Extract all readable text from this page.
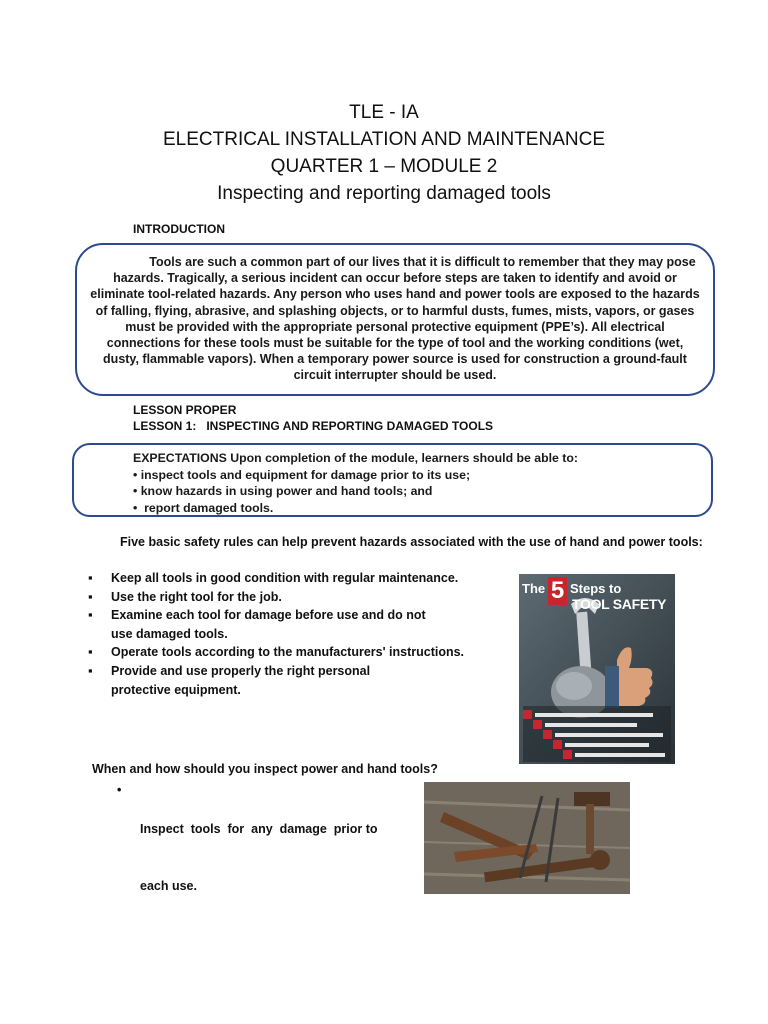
TLE - IA
ELECTRICAL INSTALLATION AND MAINTENANCE
QUARTER 1 – MODULE 2
Inspecting and reporting damaged tools
INTRODUCTION
Tools are such a common part of our lives that it is difficult to remember that they may pose
hazards. Tragically, a serious incident can occur before steps are taken to identify and avoid or
eliminate tool-related hazards. Any person who uses hand and power tools are exposed to the hazards
of falling, flying, abrasive, and splashing objects, or to harmful dusts, fumes, mists, vapors, or gases
must be provided with the appropriate personal protective equipment (PPE’s). All electrical
connections for these tools must be suitable for the type of tool and the working conditions (wet,
dusty, flammable vapors). When a temporary power source is used for construction a ground-fault
circuit interrupter should be used.
LESSON PROPER
LESSON 1:   INSPECTING AND REPORTING DAMAGED TOOLS
EXPECTATIONS Upon completion of the module, learners should be able to:
• inspect tools and equipment for damage prior to its use;
• know hazards in using power and hand tools; and
•  report damaged tools.
Five basic safety rules can help prevent hazards associated with the use of hand and power tools:
▪ Keep all tools in good condition with regular maintenance.
▪ Use the right tool for the job.
▪ Examine each tool for damage before use and do not
use damaged tools.
▪ Operate tools according to the manufacturers' instructions.
▪ Provide and use properly the right personal
protective equipment.
The 5 Steps to
TOOL SAFETY
When and how should you inspect power and hand tools?
•

Inspect  tools  for  any  damage  prior to

each use.
